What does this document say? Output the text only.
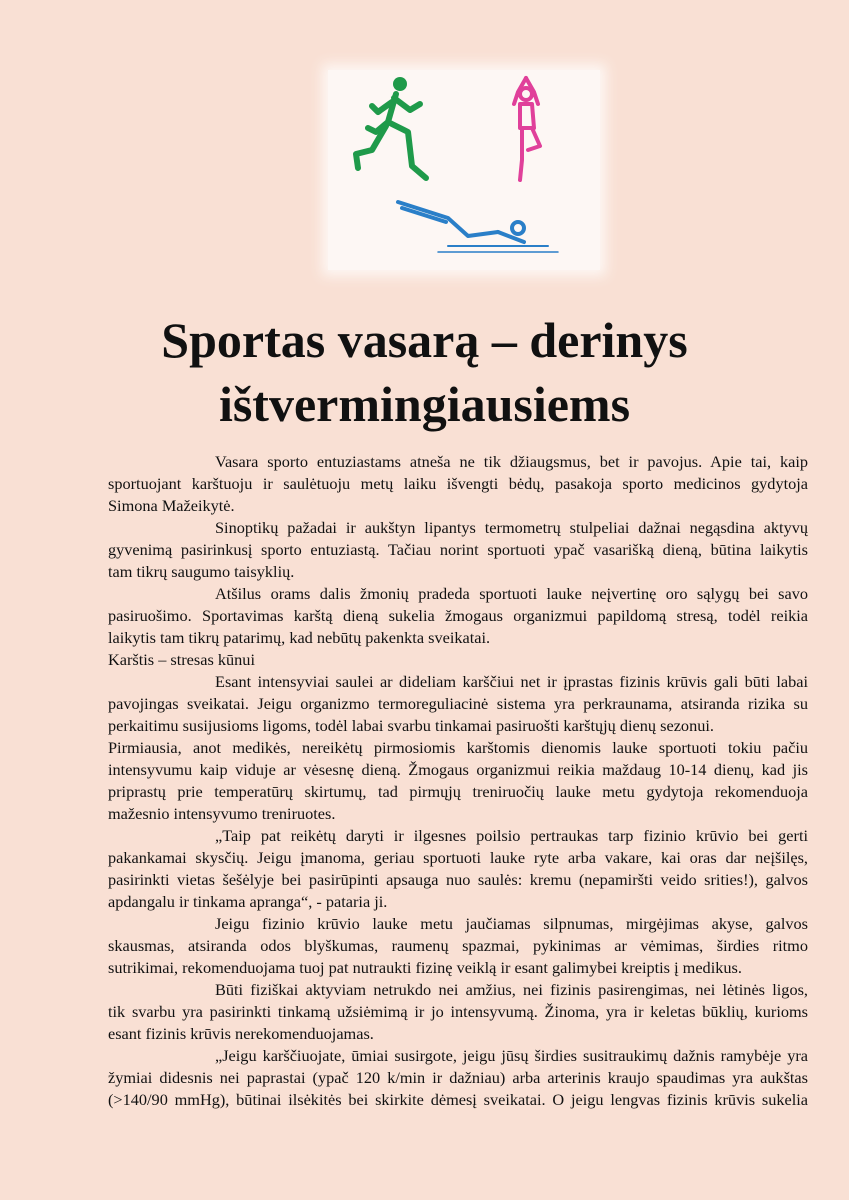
Sportas vasarą – derinys
ištvermingiausiems
Vasara sporto entuziastams atneša ne tik džiaugsmus, bet ir pavojus. Apie tai, kaip
sportuojant karštuoju ir saulėtuoju metų laiku išvengti bėdų, pasakoja sporto medicinos gydytoja
Simona Mažeikytė.
Sinoptikų pažadai ir aukštyn lipantys termometrų stulpeliai dažnai negąsdina aktyvų
gyvenimą pasirinkusį sporto entuziastą. Tačiau norint sportuoti ypač vasarišką dieną, būtina laikytis
tam tikrų saugumo taisyklių.
Atšilus orams dalis žmonių pradeda sportuoti lauke neįvertinę oro sąlygų bei savo
pasiruošimo. Sportavimas karštą dieną sukelia žmogaus organizmui papildomą stresą, todėl reikia
laikytis tam tikrų patarimų, kad nebūtų pakenkta sveikatai.
Karštis – stresas kūnui
Esant intensyviai saulei ar dideliam karščiui net ir įprastas fizinis krūvis gali būti labai
pavojingas sveikatai. Jeigu organizmo termoreguliacinė sistema yra perkraunama, atsiranda rizika su
perkaitimu susijusioms ligoms, todėl labai svarbu tinkamai pasiruošti karštųjų dienų sezonui.
Pirmiausia, anot medikės, nereikėtų pirmosiomis karštomis dienomis lauke sportuoti tokiu pačiu
intensyvumu kaip viduje ar vėsesnę dieną. Žmogaus organizmui reikia maždaug 10-14 dienų, kad jis
priprastų prie temperatūrų skirtumų, tad pirmųjų treniruočių lauke metu gydytoja rekomenduoja
mažesnio intensyvumo treniruotes.
„Taip pat reikėtų daryti ir ilgesnes poilsio pertraukas tarp fizinio krūvio bei gerti
pakankamai skysčių. Jeigu įmanoma, geriau sportuoti lauke ryte arba vakare, kai oras dar neįšilęs,
pasirinkti vietas šešėlyje bei pasirūpinti apsauga nuo saulės: kremu (nepamiršti veido srities!), galvos
apdangalu ir tinkama apranga“, - pataria ji.
Jeigu fizinio krūvio lauke metu jaučiamas silpnumas, mirgėjimas akyse, galvos
skausmas, atsiranda odos blyškumas, raumenų spazmai, pykinimas ar vėmimas, širdies ritmo
sutrikimai, rekomenduojama tuoj pat nutraukti fizinę veiklą ir esant galimybei kreiptis į medikus.
Būti fiziškai aktyviam netrukdo nei amžius, nei fizinis pasirengimas, nei lėtinės ligos,
tik svarbu yra pasirinkti tinkamą užsiėmimą ir jo intensyvumą. Žinoma, yra ir keletas būklių, kurioms
esant fizinis krūvis nerekomenduojamas.
„Jeigu karščiuojate, ūmiai susirgote, jeigu jūsų širdies susitraukimų dažnis ramybėje yra
žymiai didesnis nei paprastai (ypač 120 k/min ir dažniau) arba arterinis kraujo spaudimas yra aukštas
(>140/90 mmHg), būtinai ilsėkitės bei skirkite dėmesį sveikatai. O jeigu lengvas fizinis krūvis sukelia
